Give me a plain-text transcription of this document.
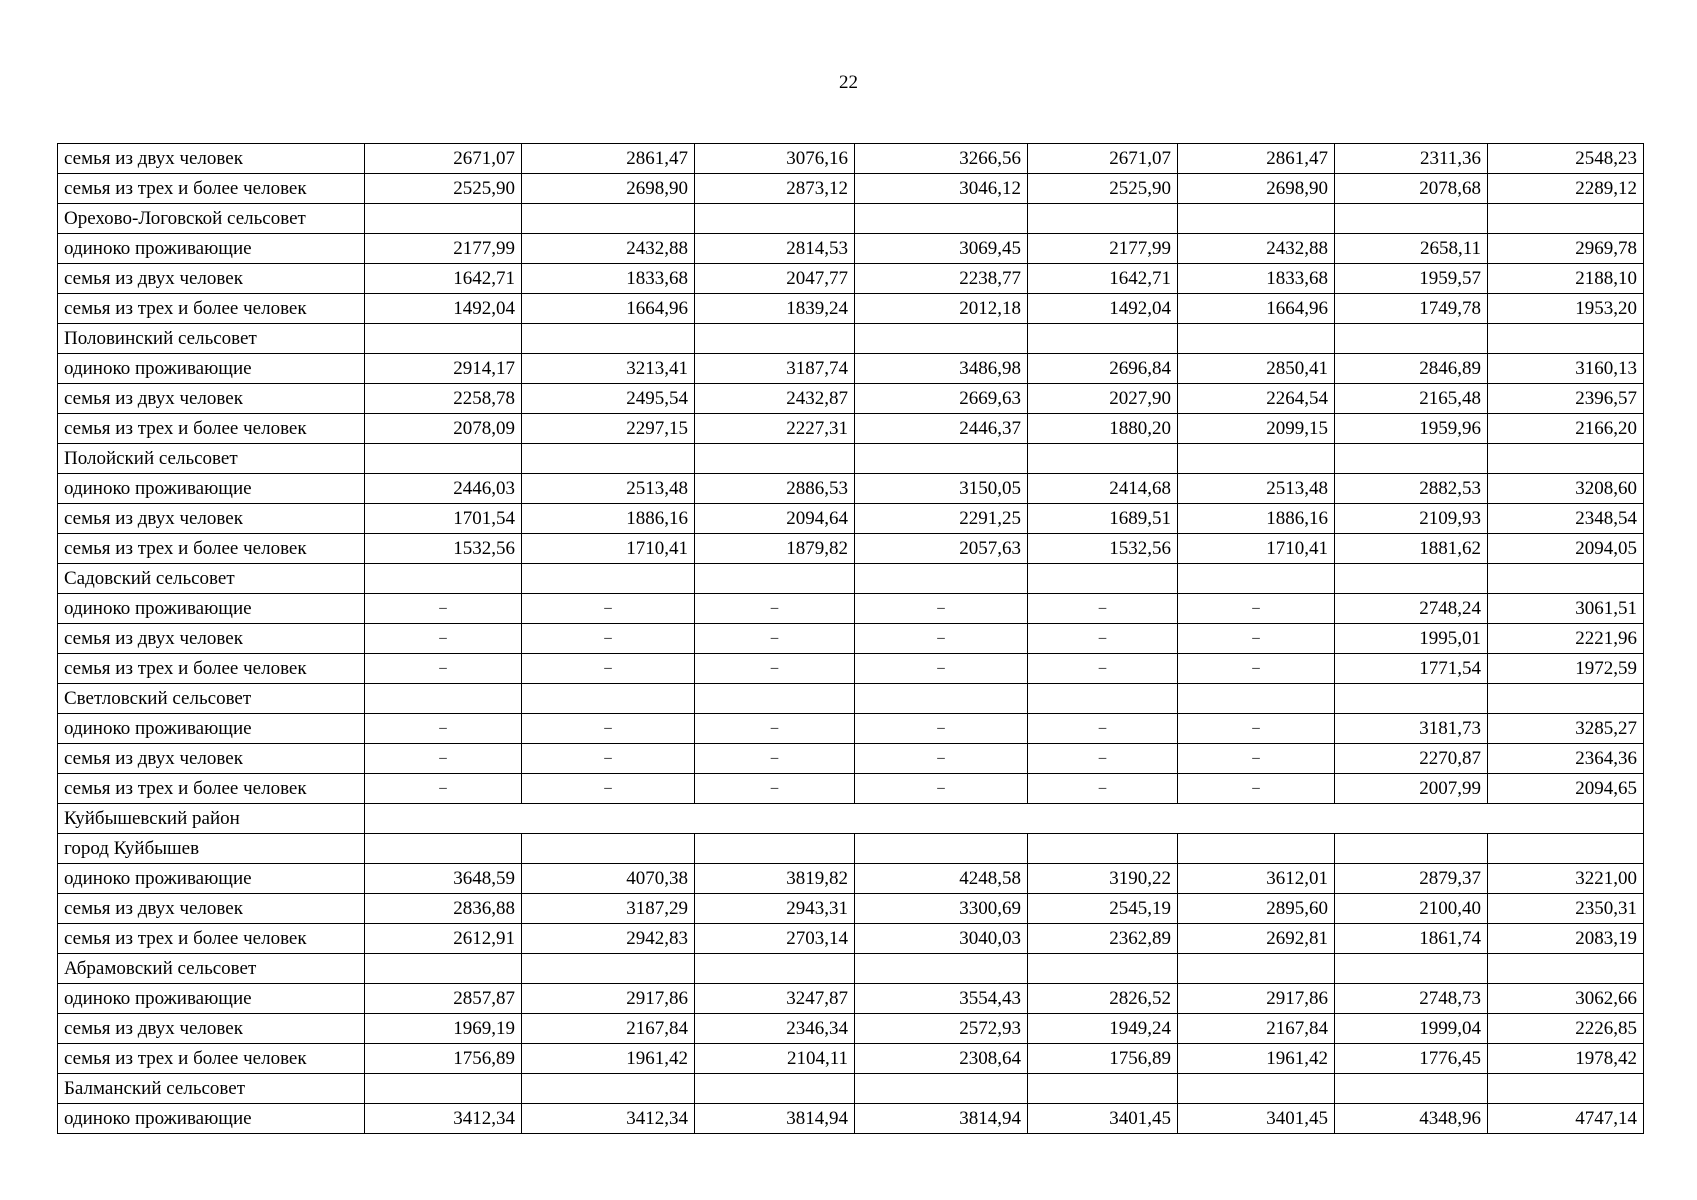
22
семья из двух человек	2671,07	2861,47	3076,16	3266,56	2671,07	2861,47	2311,36	2548,23
семья из трех и более человек	2525,90	2698,90	2873,12	3046,12	2525,90	2698,90	2078,68	2289,12
Орехово-Логовской сельсовет								
одиноко проживающие	2177,99	2432,88	2814,53	3069,45	2177,99	2432,88	2658,11	2969,78
семья из двух человек	1642,71	1833,68	2047,77	2238,77	1642,71	1833,68	1959,57	2188,10
семья из трех и более человек	1492,04	1664,96	1839,24	2012,18	1492,04	1664,96	1749,78	1953,20
Половинский сельсовет								
одиноко проживающие	2914,17	3213,41	3187,74	3486,98	2696,84	2850,41	2846,89	3160,13
семья из двух человек	2258,78	2495,54	2432,87	2669,63	2027,90	2264,54	2165,48	2396,57
семья из трех и более человек	2078,09	2297,15	2227,31	2446,37	1880,20	2099,15	1959,96	2166,20
Полойский сельсовет								
одиноко проживающие	2446,03	2513,48	2886,53	3150,05	2414,68	2513,48	2882,53	3208,60
семья из двух человек	1701,54	1886,16	2094,64	2291,25	1689,51	1886,16	2109,93	2348,54
семья из трех и более человек	1532,56	1710,41	1879,82	2057,63	1532,56	1710,41	1881,62	2094,05
Садовский сельсовет								
одиноко проживающие	–	–	–	–	–	–	2748,24	3061,51
семья из двух человек	–	–	–	–	–	–	1995,01	2221,96
семья из трех и более человек	–	–	–	–	–	–	1771,54	1972,59
Светловский сельсовет								
одиноко проживающие	–	–	–	–	–	–	3181,73	3285,27
семья из двух человек	–	–	–	–	–	–	2270,87	2364,36
семья из трех и более человек	–	–	–	–	–	–	2007,99	2094,65
Куйбышевский район								
город Куйбышев								
одиноко проживающие	3648,59	4070,38	3819,82	4248,58	3190,22	3612,01	2879,37	3221,00
семья из двух человек	2836,88	3187,29	2943,31	3300,69	2545,19	2895,60	2100,40	2350,31
семья из трех и более человек	2612,91	2942,83	2703,14	3040,03	2362,89	2692,81	1861,74	2083,19
Абрамовский сельсовет								
одиноко проживающие	2857,87	2917,86	3247,87	3554,43	2826,52	2917,86	2748,73	3062,66
семья из двух человек	1969,19	2167,84	2346,34	2572,93	1949,24	2167,84	1999,04	2226,85
семья из трех и более человек	1756,89	1961,42	2104,11	2308,64	1756,89	1961,42	1776,45	1978,42
Балманский сельсовет								
одиноко проживающие	3412,34	3412,34	3814,94	3814,94	3401,45	3401,45	4348,96	4747,14
